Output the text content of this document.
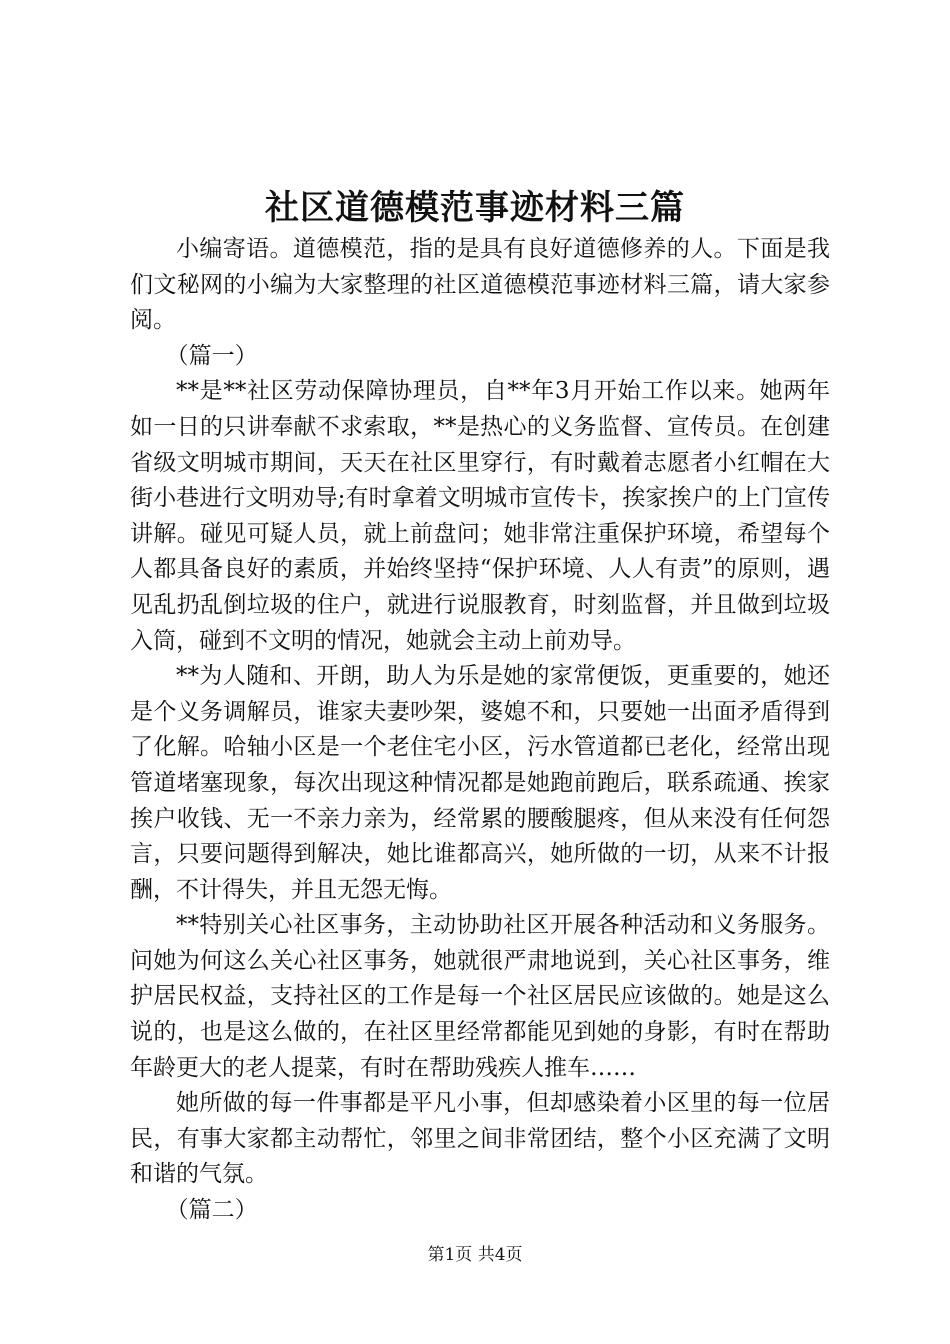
社区道德模范事迹材料三篇

小编寄语。道德模范，指的是具有良好道德修养的人。下面是我们文秘网的小编为大家整理的社区道德模范事迹材料三篇，请大家参阅。

（篇一）

**是**社区劳动保障协理员，自**年3月开始工作以来。她两年如一日的只讲奉献不求索取，**是热心的义务监督、宣传员。在创建省级文明城市期间，天天在社区里穿行，有时戴着志愿者小红帽在大街小巷进行文明劝导;有时拿着文明城市宣传卡，挨家挨户的上门宣传讲解。碰见可疑人员，就上前盘问；她非常注重保护环境，希望每个人都具备良好的素质，并始终坚持“保护环境、人人有责”的原则，遇见乱扔乱倒垃圾的住户，就进行说服教育，时刻监督，并且做到垃圾入筒，碰到不文明的情况，她就会主动上前劝导。

**为人随和、开朗，助人为乐是她的家常便饭，更重要的，她还是个义务调解员，谁家夫妻吵架，婆媳不和，只要她一出面矛盾得到了化解。哈轴小区是一个老住宅小区，污水管道都已老化，经常出现管道堵塞现象，每次出现这种情况都是她跑前跑后，联系疏通、挨家挨户收钱、无一不亲力亲为，经常累的腰酸腿疼，但从来没有任何怨言，只要问题得到解决，她比谁都高兴，她所做的一切，从来不计报酬，不计得失，并且无怨无悔。

**特别关心社区事务，主动协助社区开展各种活动和义务服务。问她为何这么关心社区事务，她就很严肃地说到，关心社区事务，维护居民权益，支持社区的工作是每一个社区居民应该做的。她是这么说的，也是这么做的，在社区里经常都能见到她的身影，有时在帮助年龄更大的老人提菜，有时在帮助残疾人推车……

她所做的每一件事都是平凡小事，但却感染着小区里的每一位居民，有事大家都主动帮忙，邻里之间非常团结，整个小区充满了文明和谐的气氛。

（篇二）

第1页 共4页
